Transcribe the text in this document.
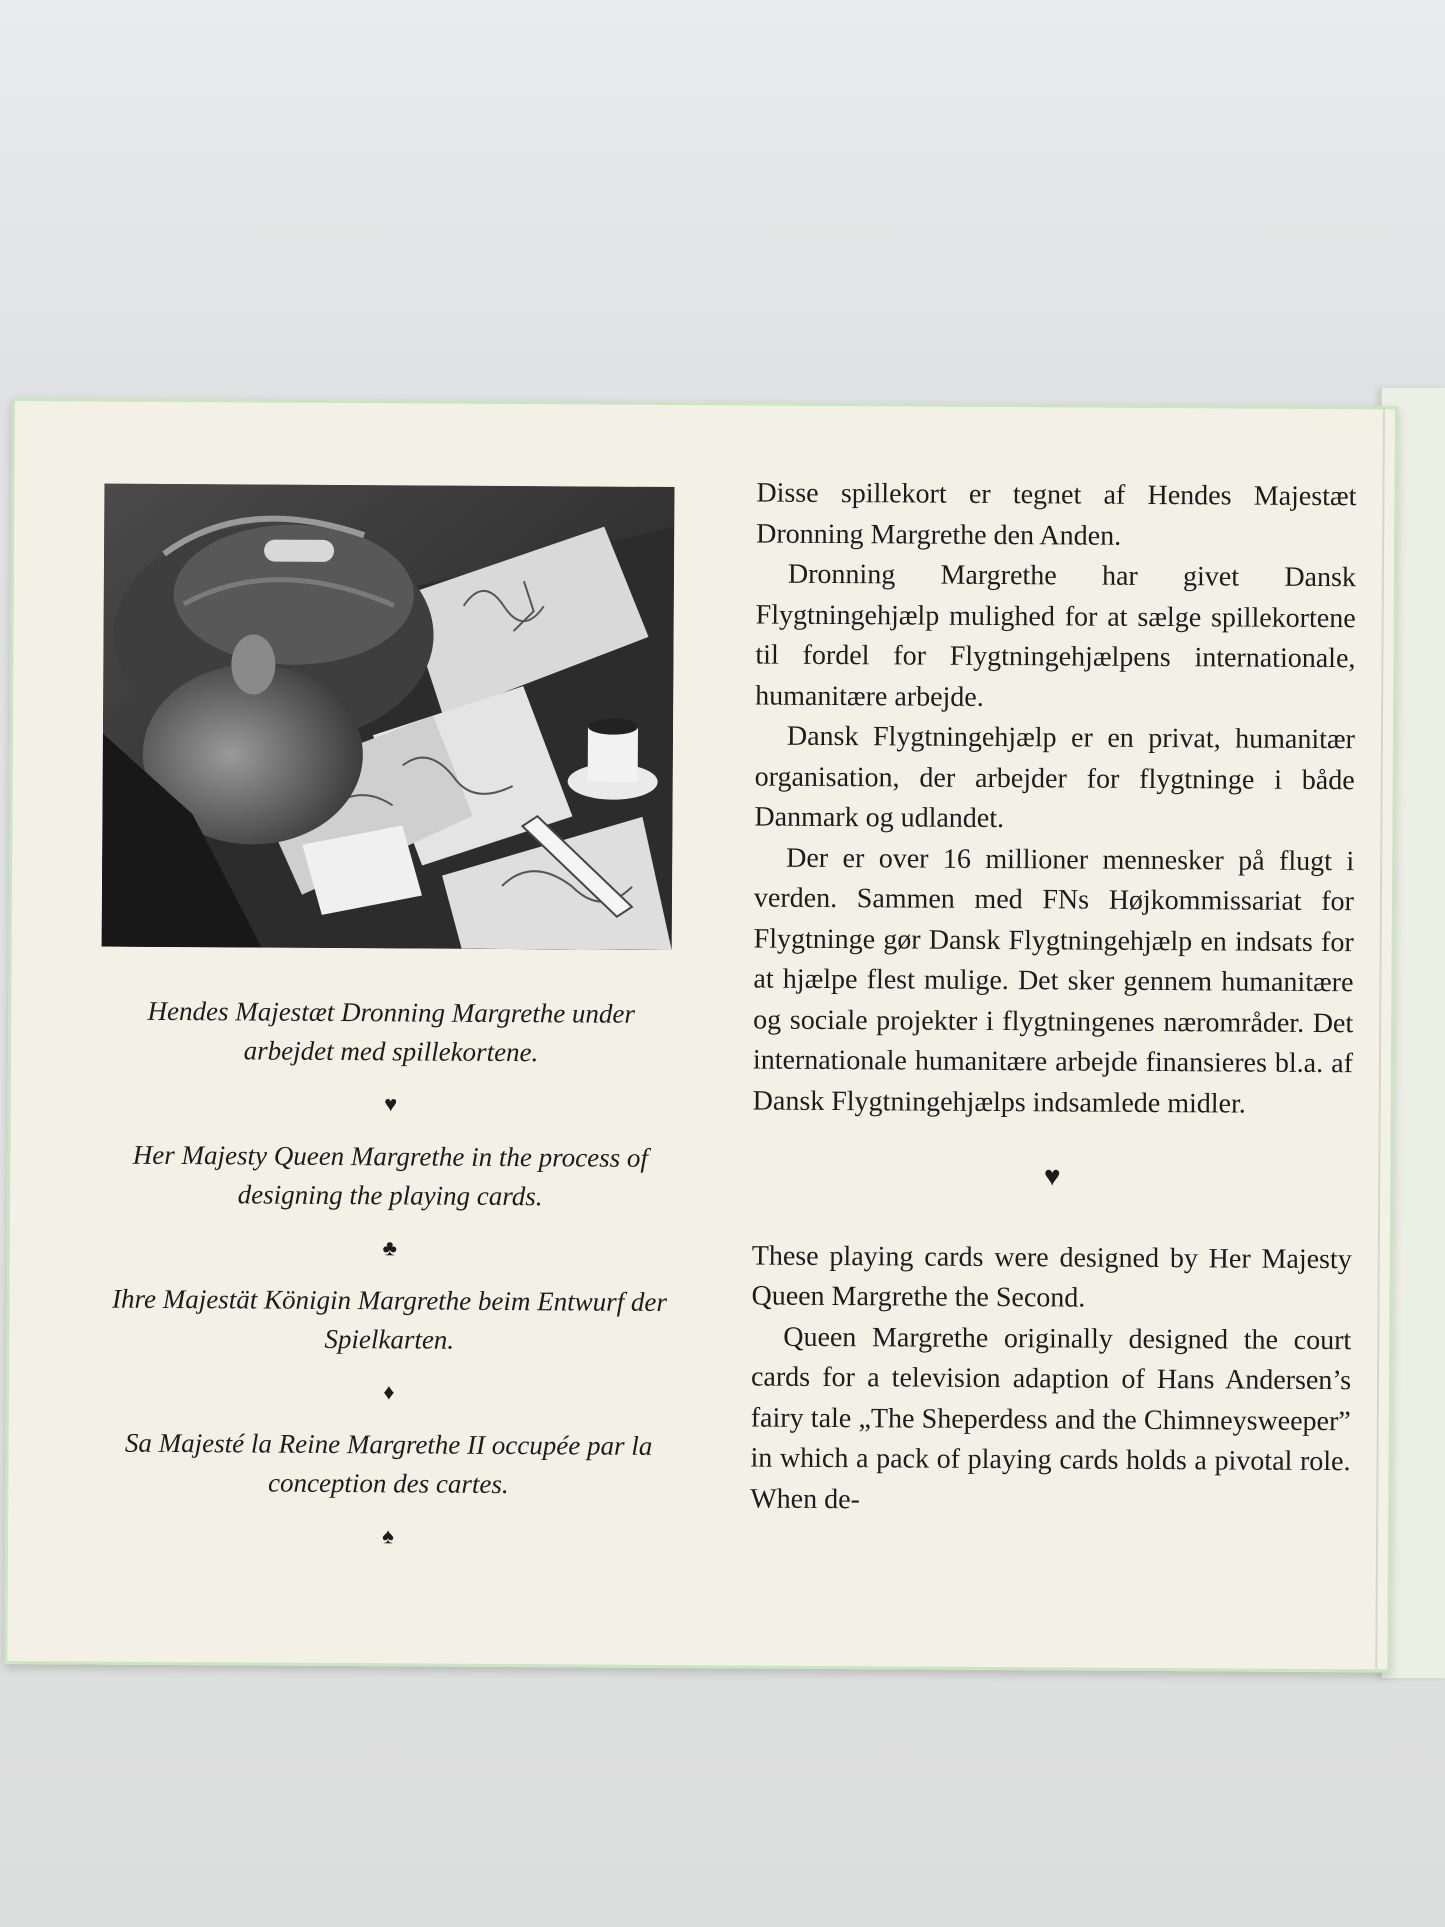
Hendes Majestæt Dronning Margrethe under arbejdet med spillekortene.

♥

Her Majesty Queen Margrethe in the process of designing the playing cards.

♣

Ihre Majestät Königin Margrethe beim Entwurf der Spielkarten.

♦

Sa Majesté la Reine Margrethe II occupée par la conception des cartes.

♠

Disse spillekort er tegnet af Hendes Majestæt Dronning Margrethe den Anden.

Dronning Margrethe har givet Dansk Flygtningehjælp mulighed for at sælge spillekortene til fordel for Flygtningehjælpens internationale, humanitære arbejde.

Dansk Flygtningehjælp er en privat, humanitær organisation, der arbejder for flygtninge i både Danmark og udlandet.

Der er over 16 millioner mennesker på flugt i verden. Sammen med FNs Højkommissariat for Flygtninge gør Dansk Flygtningehjælp en indsats for at hjælpe flest mulige. Det sker gennem humanitære og sociale projekter i flygtningenes nærområder. Det internationale humanitære arbejde finansieres bl.a. af Dansk Flygtningehjælps indsamlede midler.

♥

These playing cards were designed by Her Majesty Queen Margrethe the Second.

Queen Margrethe originally designed the court cards for a television adaption of Hans Andersen’s fairy tale „The Sheperdess and the Chimneysweeper” in which a pack of playing cards holds a pivotal role. When de-
